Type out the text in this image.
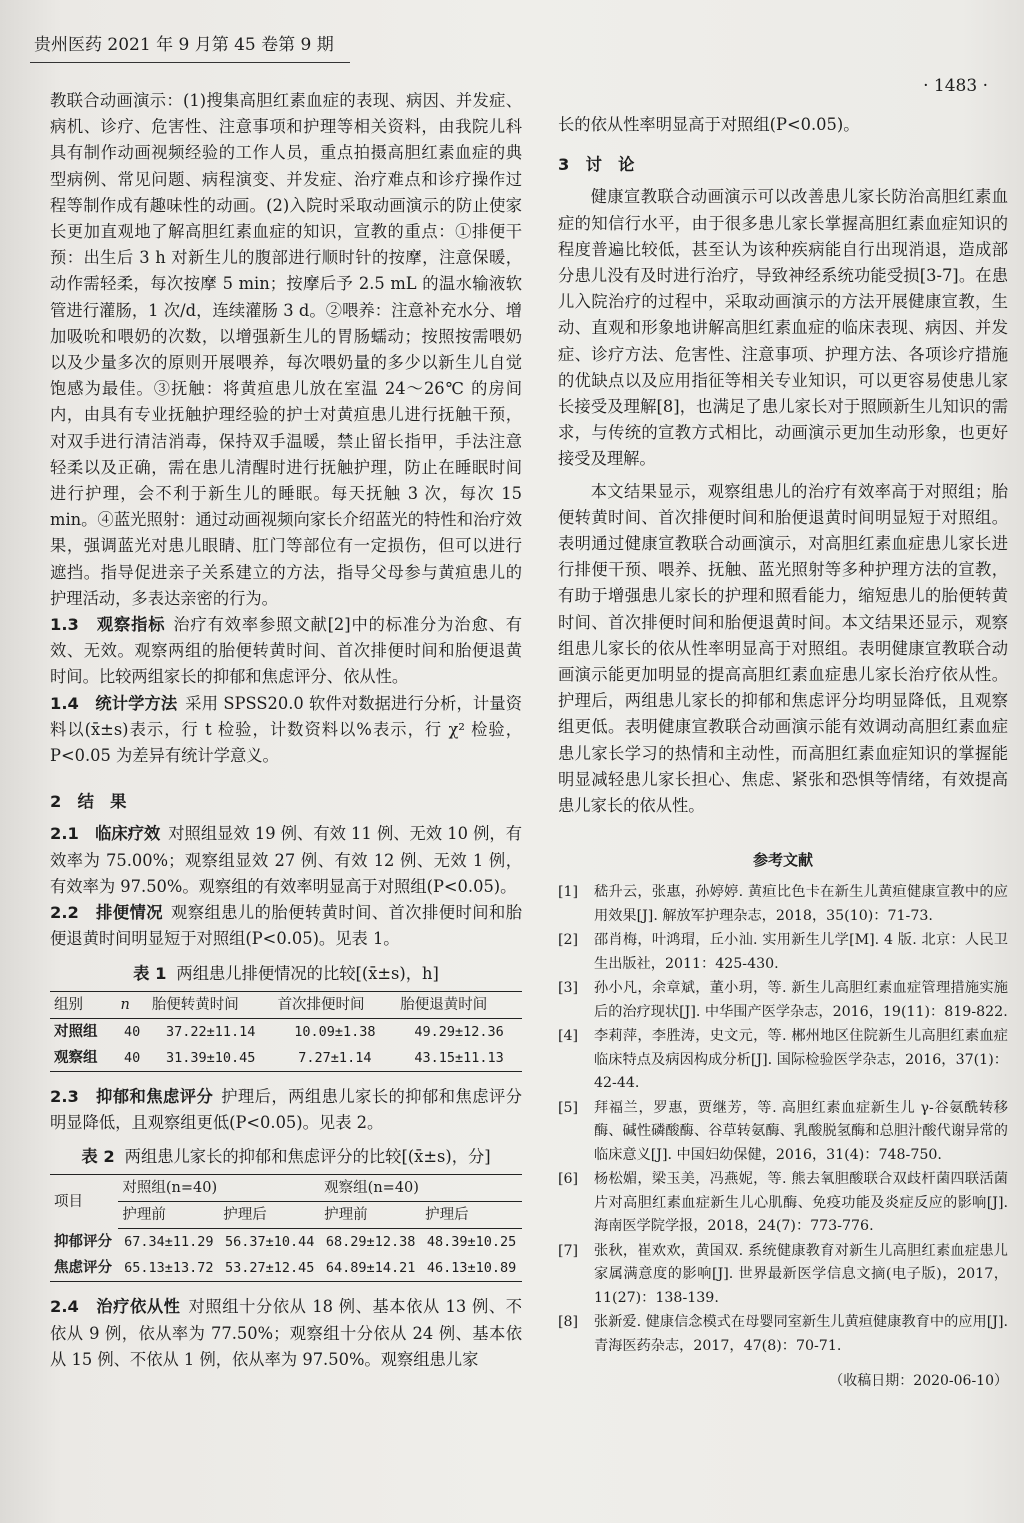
贵州医药 2021 年 9 月第 45 卷第 9 期
· 1483 ·

教联合动画演示：(1)搜集高胆红素血症的表现、病因、并发症、病机、诊疗、危害性、注意事项和护理等相关资料，由我院儿科具有制作动画视频经验的工作人员，重点拍摄高胆红素血症的典型病例、常见问题、病程演变、并发症、治疗难点和诊疗操作过程等制作成有趣味性的动画。(2)入院时采取动画演示的防止使家长更加直观地了解高胆红素血症的知识，宣教的重点：①排便干预：出生后 3 h 对新生儿的腹部进行顺时针的按摩，注意保暖，动作需轻柔，每次按摩 5 min；按摩后予 2.5 mL 的温水输液软管进行灌肠，1 次/d，连续灌肠 3 d。②喂养：注意补充水分、增加吸吮和喂奶的次数，以增强新生儿的胃肠蠕动；按照按需喂奶以及少量多次的原则开展喂养，每次喂奶量的多少以新生儿自觉饱感为最佳。③抚触：将黄疸患儿放在室温 24～26℃ 的房间内，由具有专业抚触护理经验的护士对黄疸患儿进行抚触干预，对双手进行清洁消毒，保持双手温暖，禁止留长指甲，手法注意轻柔以及正确，需在患儿清醒时进行抚触护理，防止在睡眠时间进行护理，会不利于新生儿的睡眠。每天抚触 3 次，每次 15 min。④蓝光照射：通过动画视频向家长介绍蓝光的特性和治疗效果，强调蓝光对患儿眼睛、肛门等部位有一定损伤，但可以进行遮挡。指导促进亲子关系建立的方法，指导父母参与黄疸患儿的护理活动，多表达亲密的行为。

1.3　观察指标 治疗有效率参照文献[2]中的标准分为治愈、有效、无效。观察两组的胎便转黄时间、首次排便时间和胎便退黄时间。比较两组家长的抑郁和焦虑评分、依从性。

1.4　统计学方法 采用 SPSS20.0 软件对数据进行分析，计量资料以(x̄±s)表示，行 t 检验，计数资料以%表示，行 χ² 检验，P<0.05 为差异有统计学意义。

2　结　果

2.1　临床疗效 对照组显效 19 例、有效 11 例、无效 10 例，有效率为 75.00%；观察组显效 27 例、有效 12 例、无效 1 例，有效率为 97.50%。观察组的有效率明显高于对照组(P<0.05)。

2.2　排便情况 观察组患儿的胎便转黄时间、首次排便时间和胎便退黄时间明显短于对照组(P<0.05)。见表 1。

表 1 两组患儿排便情况的比较[(x̄±s)，h]
组别	n	胎便转黄时间	首次排便时间	胎便退黄时间
对照组	40	37.22±11.14	10.09±1.38	49.29±12.36
观察组	40	31.39±10.45	7.27±1.14	43.15±11.13

2.3　抑郁和焦虑评分 护理后，两组患儿家长的抑郁和焦虑评分明显降低，且观察组更低(P<0.05)。见表 2。

表 2 两组患儿家长的抑郁和焦虑评分的比较[(x̄±s)，分]
项目	对照组(n=40)		观察组(n=40)	
	护理前	护理后	护理前	护理后
抑郁评分	67.34±11.29	56.37±10.44	68.29±12.38	48.39±10.25
焦虑评分	65.13±13.72	53.27±12.45	64.89±14.21	46.13±10.89

2.4　治疗依从性 对照组十分依从 18 例、基本依从 13 例、不依从 9 例，依从率为 77.50%；观察组十分依从 24 例、基本依从 15 例、不依从 1 例，依从率为 97.50%。观察组患儿家

长的依从性率明显高于对照组(P<0.05)。

3　讨　论

健康宣教联合动画演示可以改善患儿家长防治高胆红素血症的知信行水平，由于很多患儿家长掌握高胆红素血症知识的程度普遍比较低，甚至认为该种疾病能自行出现消退，造成部分患儿没有及时进行治疗，导致神经系统功能受损[3-7]。在患儿入院治疗的过程中，采取动画演示的方法开展健康宣教，生动、直观和形象地讲解高胆红素血症的临床表现、病因、并发症、诊疗方法、危害性、注意事项、护理方法、各项诊疗措施的优缺点以及应用指征等相关专业知识，可以更容易使患儿家长接受及理解[8]，也满足了患儿家长对于照顾新生儿知识的需求，与传统的宣教方式相比，动画演示更加生动形象，也更好接受及理解。

本文结果显示，观察组患儿的治疗有效率高于对照组；胎便转黄时间、首次排便时间和胎便退黄时间明显短于对照组。表明通过健康宣教联合动画演示，对高胆红素血症患儿家长进行排便干预、喂养、抚触、蓝光照射等多种护理方法的宣教，有助于增强患儿家长的护理和照看能力，缩短患儿的胎便转黄时间、首次排便时间和胎便退黄时间。本文结果还显示，观察组患儿家长的依从性率明显高于对照组。表明健康宣教联合动画演示能更加明显的提高高胆红素血症患儿家长治疗依从性。护理后，两组患儿家长的抑郁和焦虑评分均明显降低，且观察组更低。表明健康宣教联合动画演示能有效调动高胆红素血症患儿家长学习的热情和主动性，而高胆红素血症知识的掌握能明显减轻患儿家长担心、焦虑、紧张和恐惧等情绪，有效提高患儿家长的依从性。

参考文献
[1]	嵇升云，张惠，孙婷婷. 黄疸比色卡在新生儿黄疸健康宣教中的应用效果[J]. 解放军护理杂志，2018，35(10)：71-73.
[2]	邵肖梅，叶鸿瑁，丘小汕. 实用新生儿学[M]. 4 版. 北京：人民卫生出版社，2011：425-430.
[3]	孙小凡，余章斌，董小玥，等. 新生儿高胆红素血症管理措施实施后的治疗现状[J]. 中华围产医学杂志，2016，19(11)：819-822.
[4]	李莉萍，李胜涛，史文元，等. 郴州地区住院新生儿高胆红素血症临床特点及病因构成分析[J]. 国际检验医学杂志，2016，37(1)：42-44.
[5]	拜福兰，罗惠，贾继芳，等. 高胆红素血症新生儿 γ-谷氨酰转移酶、碱性磷酸酶、谷草转氨酶、乳酸脱氢酶和总胆汁酸代谢异常的临床意义[J]. 中国妇幼保健，2016，31(4)：748-750.
[6]	杨松媚，梁玉美，冯燕妮，等. 熊去氧胆酸联合双歧杆菌四联活菌片对高胆红素血症新生儿心肌酶、免疫功能及炎症反应的影响[J]. 海南医学院学报，2018，24(7)：773-776.
[7]	张秋，崔欢欢，黄国双. 系统健康教育对新生儿高胆红素血症患儿家属满意度的影响[J]. 世界最新医学信息文摘(电子版)，2017，11(27)：138-139.
[8]	张新爱. 健康信念模式在母婴同室新生儿黄疸健康教育中的应用[J]. 青海医药杂志，2017，47(8)：70-71.
（收稿日期：2020-06-10）
